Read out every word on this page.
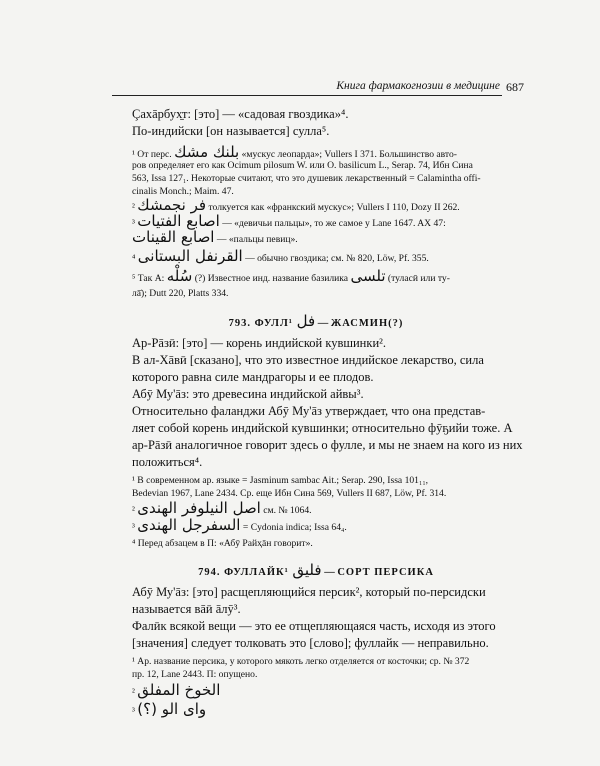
Книга фармакогнозии в медицине 687
Çахāрбух̱т: [это] — «садовая гвоздика»⁴.
По-индийски [он называется] сулла⁵.
¹ От перс. بلنك مشك «мускус леопарда»; Vullers I 371. Большинство авто-
ров определяет его как Ocimum pilosum W. или O. basilicum L., Serap. 74, Ибн Сина
563, Issa 127₁. Некоторые считают, что это душевик лекарственный = Calamintha offi-
cinalis Monch.; Maim. 47.
² فر نجمشك толкуется как «франкский мускус»; Vullers I 110, Dozy II 262.
³ اصابع الفتيات — «девичьи пальцы», то же самое у Lane 1647. AX 47:
اصابع القينات — «пальцы певиц».
⁴ القرنفل البستانى — обычно гвоздика; см. № 820, Löw, Pf. 355.
⁵ Так А: سُلْه (?) Известное инд. название базилика تلسى (туласӣ или ту-
лā̄); Dutt 220, Platts 334.
793. ФУЛЛ¹ فل — ЖАСМИН(?)
Ар-Рāзӣ: [это] — корень индийской кувшинки².
В ал-Хāвӣ [сказано], что это известное индийское лекарство, сила
которого равна силе мандрагоры и ее плодов.
Абӯ Му'āз: это древесина индийской айвы³.
Относительно фаланджи Абӯ Му'āз утверждает, что она представ-
ляет собой корень индийской кувшинки; относительно фӯҕийи тоже. А
ар-Рāзӣ аналогичное говорит здесь о фулле, и мы не знаем на кого из них
положиться⁴.
¹ В современном ар. языке = Jasminum sambac Ait.; Serap. 290, Issa 101₁₁,
Bedevian 1967, Lane 2434. Ср. еще Ибн Сина 569, Vullers II 687, Löw, Pf. 314.
² اصل النيلوفر الهندى см. № 1064.
³ السفرجل الهندى = Cydonia indica; Issa 64₄.
⁴ Перед абзацем в П: «Абӯ Райҳāн говорит».
794. ФУЛЛАЙК¹ فليق — СОРТ ПЕРСИКА
Абӯ Му'āз: [это] расщепляющийся персик², который по-персидски
называется вāӣ āлӯ³.
Фалӣк всякой вещи — это ее отщепляющаяся часть, исходя из этого
[значения] следует толковать это [слово]; фуллайк — неправильно.
¹ Ар. название персика, у которого мякоть легко отделяется от косточки; ср. № 372
пр. 12, Lane 2443. П: опущено.
² الخوخ المفلق
³ واى الو (؟)
